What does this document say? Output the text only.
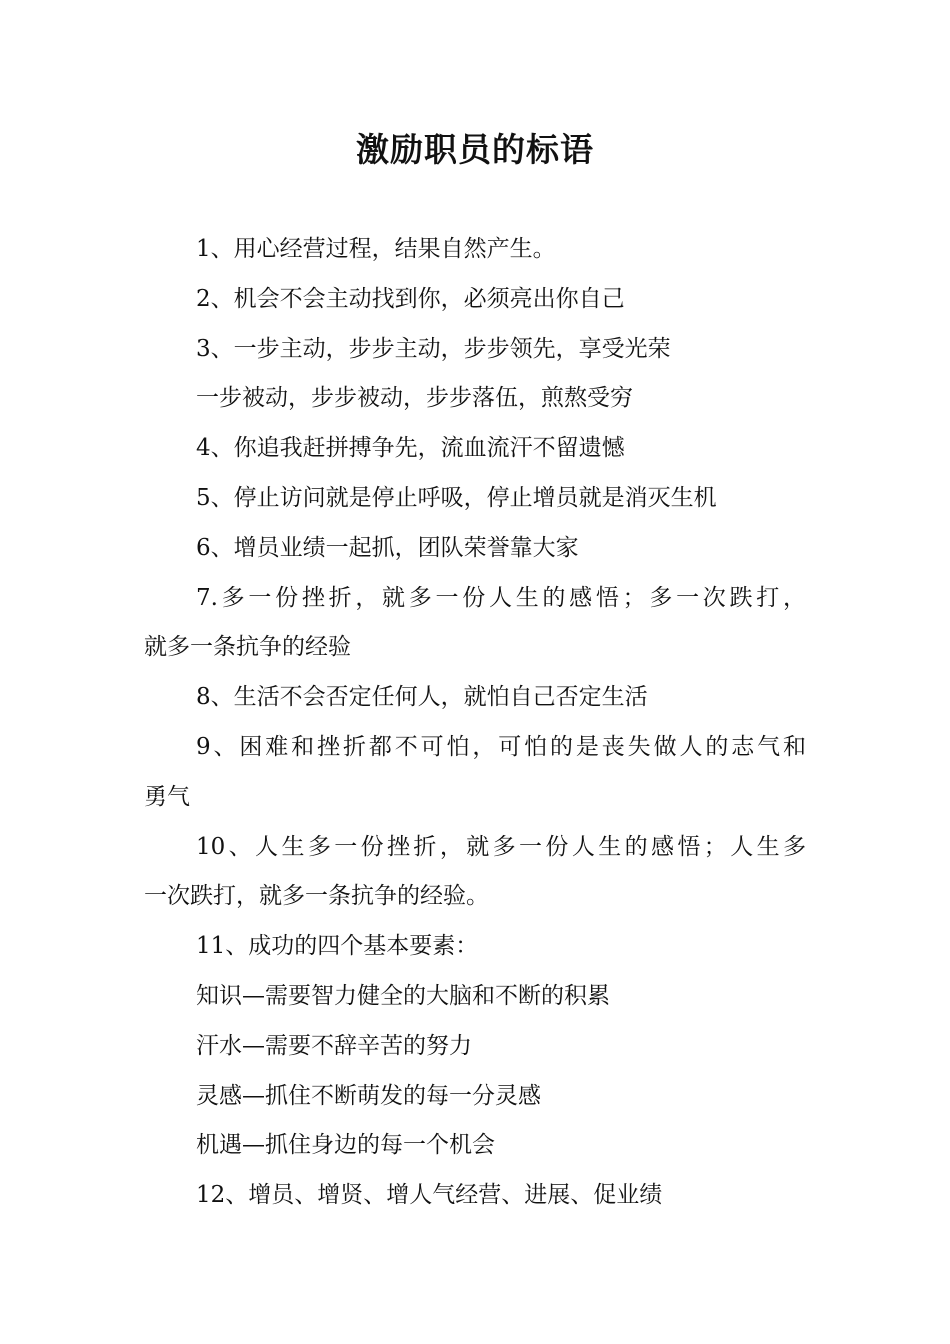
激励职员的标语

1、用心经营过程，结果自然产生。

2、机会不会主动找到你，必须亮出你自己

3、一步主动，步步主动，步步领先，享受光荣

一步被动，步步被动，步步落伍，煎熬受穷

4、你追我赶拼搏争先，流血流汗不留遗憾

5、停止访问就是停止呼吸，停止增员就是消灭生机

6、增员业绩一起抓，团队荣誉靠大家

7.多一份挫折，就多一份人生的感悟；多一次跌打，

就多一条抗争的经验

8、生活不会否定任何人，就怕自己否定生活

9、困难和挫折都不可怕，可怕的是丧失做人的志气和

勇气

10、人生多一份挫折，就多一份人生的感悟；人生多

一次跌打，就多一条抗争的经验。

11、成功的四个基本要素：

知识—需要智力健全的大脑和不断的积累

汗水—需要不辞辛苦的努力

灵感—抓住不断萌发的每一分灵感

机遇—抓住身边的每一个机会

12、增员、增贤、增人气经营、进展、促业绩
